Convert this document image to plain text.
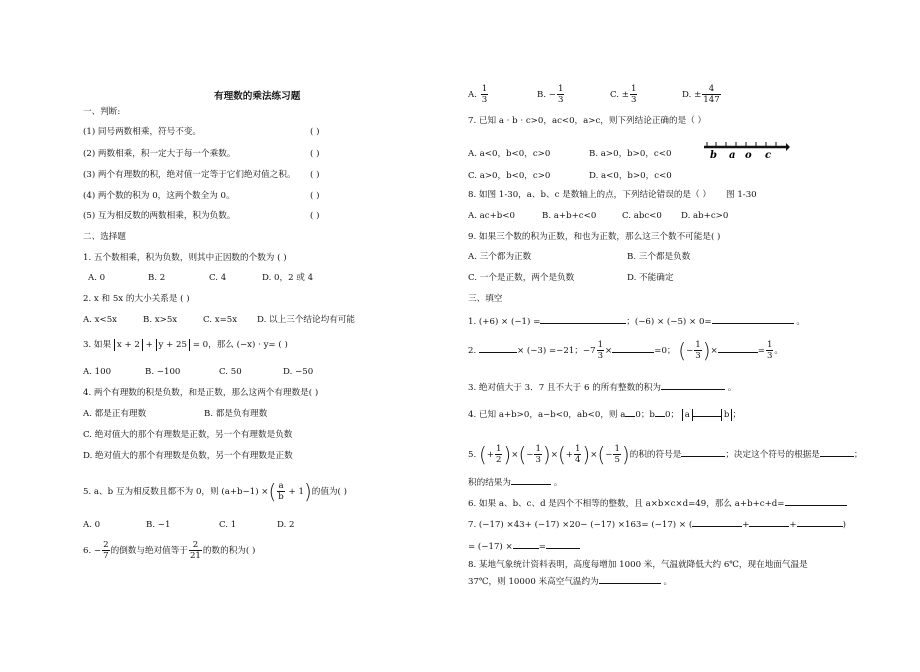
有理数的乘法练习题
一、判断:
(1) 同号两数相乘，符号不变。	( )
(2) 两数相乘，积一定大于每一个乘数。	( )
(3) 两个有理数的积，绝对值一定等于它们绝对值之积。 ( )
(4) 两个数的积为 0，这两个数全为 0。	( )
(5) 互为相反数的两数相乘，积为负数。	( )
二、选择题
1. 五个数相乘，积为负数，则其中正因数的个数为 ( )
A. 0	B. 2	C. 4	D. 0，2 或 4
2. x 和 5x 的大小关系是 ( )
A. x<5x	B. x>5x	C. x=5x D. 以上三个结论均有可能
3. 如果 x + 2 + y + 25 = 0，那么 (−x) · y= ( )
A. 100	B. −100	C. 50	D. −50
4. 两个有理数的积是负数，和是正数，那么这两个有理数是( )
A. 都是正有理数	B. 都是负有理数
C. 绝对值大的那个有理数是正数，另一个有理数是负数
D. 绝对值大的那个有理数是负数，另一个有理数是正数
5. a、b 互为相反数且都不为 0，则 (a+b−1) ×( $\frac{a}{b} + 1$)的值为( )
A. 0	B. −1	C. 1	D. 2
6. − $\frac{2}{7}$ 的倒数与绝对值等于 $\frac{2}{21}$ 的数的积为( )
A. $\frac{1}{3}$	B. − $\frac{1}{3}$	C. ± $\frac{1}{3}$	D. ± $\frac{4}{147}$
7. 已知 a · b · c>0，ac<0，a>c，则下列结论正确的是（ ）
A. a<0，b<0，c>0	B. a>0，b>0，c<0
C. a>0，b<0，c>0	D. a<0，b>0，c<0
b a o c
图 1-30
8. 如图 1-30，a、b、c 是数轴上的点，下列结论错误的是（ ）
A. ac+b<0	B. a+b+c<0	C. abc<0 D. ab+c>0
9. 如果三个数的积为正数，和也为正数，那么这三个数不可能是( )
A. 三个都为正数	B. 三个都是负数
C. 一个是正数，两个是负数	D. 不能确定
三、填空
1. (+6) × (−1) =	；(−6) × (−5) × 0=	。
2.	× (−3) =−21；$-7 \frac{1}{3}$ ×	=0； (− $\frac{1}{3}$ )×	= $\frac{1}{3}$ 。
3. 绝对值大于 3．7 且不大于 6 的所有整数的积为	。
4. 已知 a+b>0，a−b<0，ab<0，则 a 0；b 0； a	b ；
5. (+ $\frac{1}{2}$ )×(− $\frac{1}{3}$ )×(+ $\frac{1}{4}$ )×(− $\frac{1}{5}$ )的积的符号是	；决定这个符号的根据是	；
积的结果为	。
6. 如果 a、b、c、d 是四个不相等的整数，且 a×b×c×d=49，那么 a+b+c+d=
7. (−17) ×43+ (−17) ×20− (−17) ×163= (−17) × (	+	+	)
= (−17) ×	=
8. 某地气象统计资料表明，高度每增加 1000 米，气温就降低大约 6℃，现在地面气温是
37℃，则 10000 米高空气温约为	。
